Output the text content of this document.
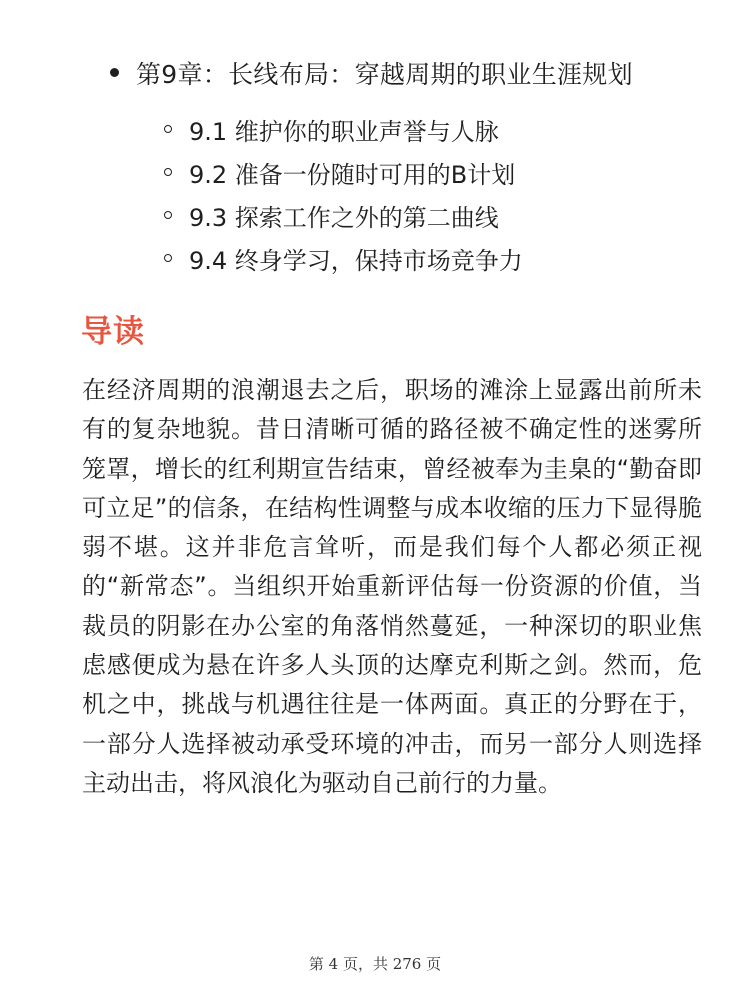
第9章：长线布局：穿越周期的职业生涯规划
9.1 维护你的职业声誉与人脉
9.2 准备一份随时可用的B计划
9.3 探索工作之外的第二曲线
9.4 终身学习，保持市场竞争力
导读

在经济周期的浪潮退去之后，职场的滩涂上显露出前所未有的复杂地貌。昔日清晰可循的路径被不确定性的迷雾所笼罩，增长的红利期宣告结束，曾经被奉为圭臬的“勤奋即可立足”的信条，在结构性调整与成本收缩的压力下显得脆弱不堪。这并非危言耸听，而是我们每个人都必须正视的“新常态”。当组织开始重新评估每一份资源的价值，当裁员的阴影在办公室的角落悄然蔓延，一种深切的职业焦虑感便成为悬在许多人头顶的达摩克利斯之剑。然而，危机之中，挑战与机遇往往是一体两面。真正的分野在于，一部分人选择被动承受环境的冲击，而另一部分人则选择主动出击，将风浪化为驱动自己前行的力量。

第 4 页，共 276 页
